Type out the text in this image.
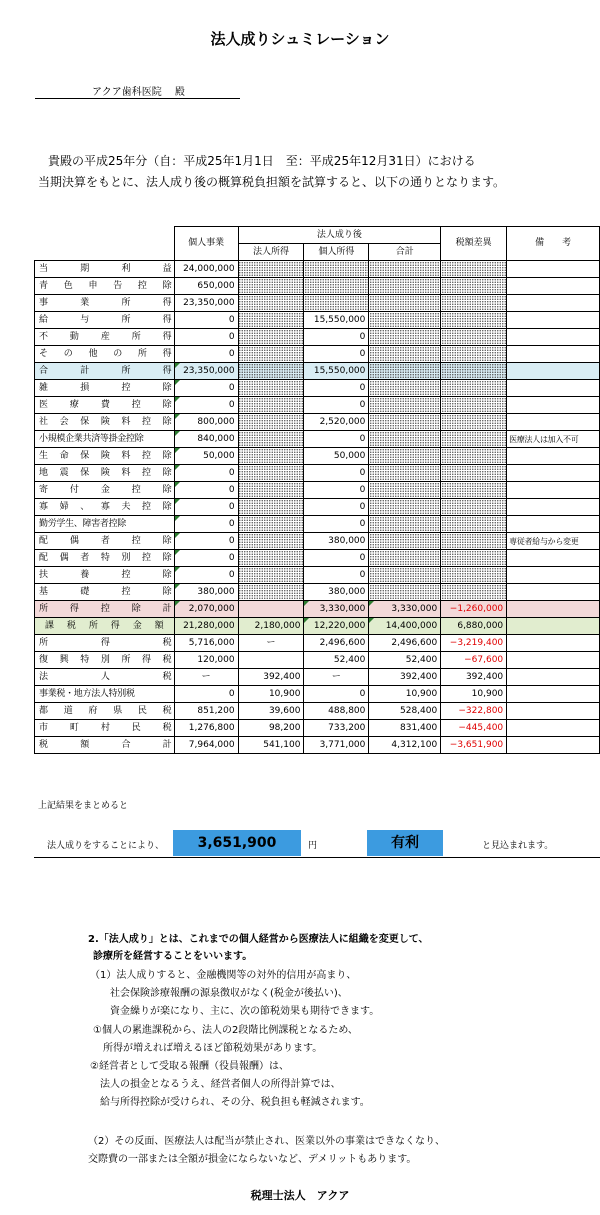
法人成りシュミレーション
アクア歯科医院　 殿
貴殿の平成25年分（自：平成25年1月1日　至：平成25年12月31日）における
当期決算をもとに、法人成り後の概算税負担額を試算すると、以下の通りとなります。
	個人事業	法人成り後			税額差異	備　　考
		法人所得	個人所得	合計		
当期利益	24,000,000					
青色申告控除	650,000					
事業所得	23,350,000					
給与所得	0		15,550,000			
不動産所得	0		0			
その他の所得	0		0			
合計所得	23,350,000		15,550,000			
雑損控除	0		0			
医療費控除	0		0			
社会保険料控除	800,000		2,520,000			
小規模企業共済等掛金控除	840,000		0			医療法人は加入不可
生命保険料控除	50,000		50,000			
地震保険料控除	0		0			
寄付金控除	0		0			
寡婦、寡夫控除	0		0			
勤労学生、障害者控除	0		0			
配偶者控除	0		380,000			専従者給与から変更
配偶者特別控除	0		0			
扶養控除	0		0			
基礎控除	380,000		380,000			
所得控除計	2,070,000		3,330,000	3,330,000	−1,260,000	
課税所得金額	21,280,000	2,180,000	12,220,000	14,400,000	6,880,000	
所得税	5,716,000	ー	2,496,600	2,496,600	−3,219,400	
復興特別所得税	120,000		52,400	52,400	−67,600	
法人税	ー	392,400	ー	392,400	392,400	
事業税・地方法人特別税	0	10,900	0	10,900	10,900	
都道府県民税	851,200	39,600	488,800	528,400	−322,800	
市町村民税	1,276,800	98,200	733,200	831,400	−445,400	
税額合計	7,964,000	541,100	3,771,000	4,312,100	−3,651,900	
上記結果をまとめると
法人成りをすることにより、	3,651,900	円	有利	と見込まれます。
2.「法人成り」とは、これまでの個人経営から医療法人に組織を変更して、
診療所を経営することをいいます。
（1）法人成りすると、金融機関等の対外的信用が高まり、
社会保険診療報酬の源泉徴収がなく(税金が後払い)、
資金繰りが楽になり、主に、次の節税効果も期待できます。
①個人の累進課税から、法人の2段階比例課税となるため、
所得が増えれば増えるほど節税効果があります。
②経営者として受取る報酬（役員報酬）は、
法人の損金となるうえ、経営者個人の所得計算では、
給与所得控除が受けられ、その分、税負担も軽減されます。
（2）その反面、医療法人は配当が禁止され、医業以外の事業はできなくなり、
交際費の一部または全額が損金にならないなど、デメリットもあります。
税理士法人　アクア
